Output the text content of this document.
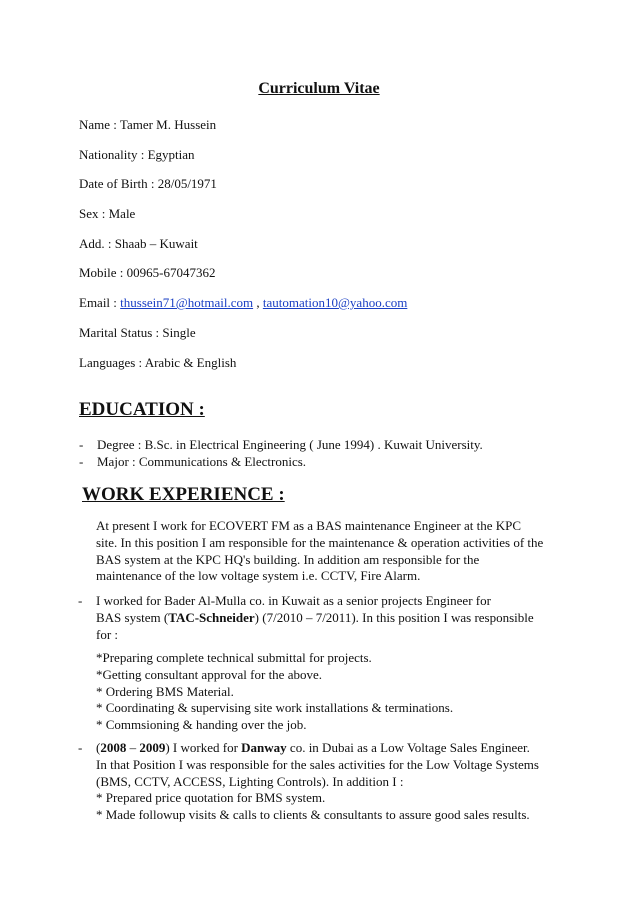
Curriculum Vitae
Name : Tamer M. Hussein
Nationality : Egyptian
Date of Birth : 28/05/1971
Sex : Male
Add. : Shaab – Kuwait
Mobile : 00965-67047362
Email : thussein71@hotmail.com , tautomation10@yahoo.com
Marital Status : Single
Languages : Arabic & English
EDUCATION :
- Degree : B.Sc. in Electrical Engineering ( June 1994) . Kuwait University.
- Major : Communications & Electronics.
WORK EXPERIENCE :
At present I work for ECOVERT FM as a BAS maintenance Engineer at the KPC
site. In this position I am responsible for the maintenance & operation activities of the
BAS system at the KPC HQ's building. In addition am responsible for the
maintenance of the low voltage system i.e. CCTV, Fire Alarm.
- I worked for Bader Al-Mulla co. in Kuwait as a senior projects Engineer for
BAS system (TAC-Schneider) (7/2010 – 7/2011). In this position I was responsible
for :
*Preparing complete technical submittal for projects.
*Getting consultant approval for the above.
* Ordering BMS Material.
* Coordinating & supervising site work installations & terminations.
* Commsioning & handing over the job.
- (2008 – 2009) I worked for Danway co. in Dubai as a Low Voltage Sales Engineer.
In that Position I was responsible for the sales activities for the Low Voltage Systems
(BMS, CCTV, ACCESS, Lighting Controls). In addition I :
* Prepared price quotation for BMS system.
* Made followup visits & calls to clients & consultants to assure good sales results.
